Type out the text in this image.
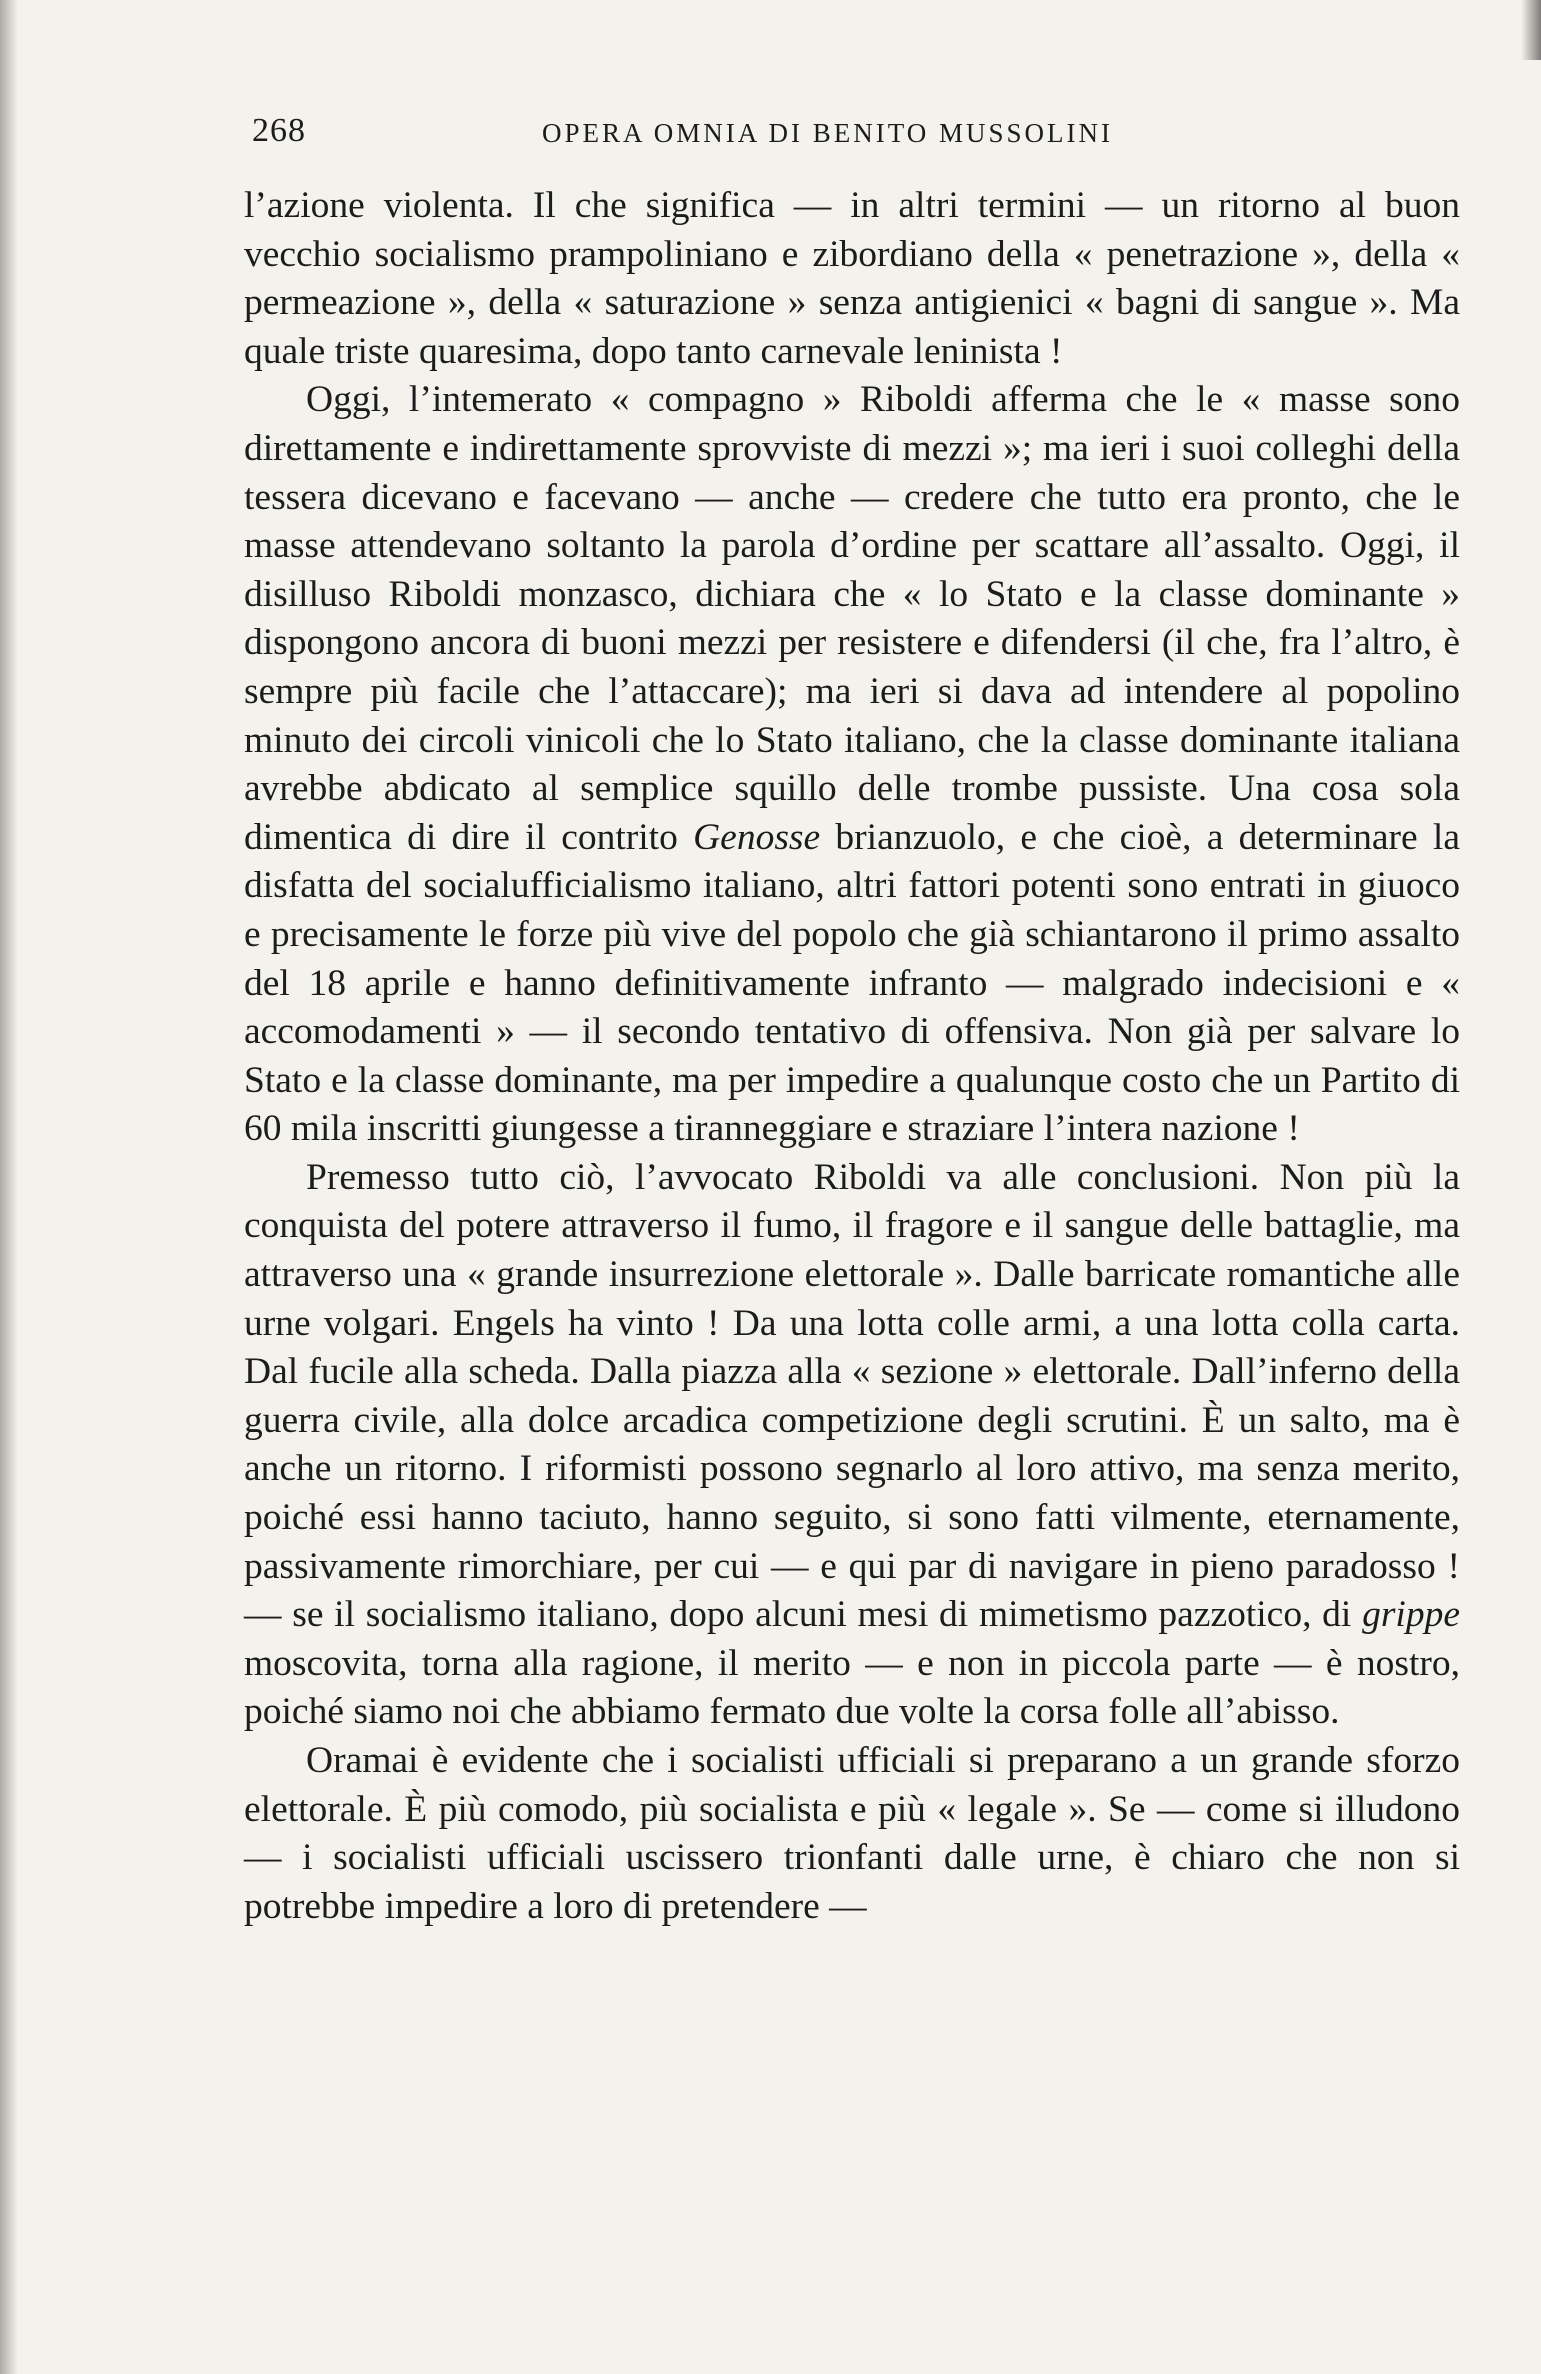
268	OPERA OMNIA DI BENITO MUSSOLINI

l’azione violenta. Il che significa — in altri termini — un ritorno al buon vecchio socialismo prampoliniano e zibordiano della « penetrazione », della « permeazione », della « saturazione » senza antigienici « bagni di sangue ». Ma quale triste quaresima, dopo tanto carnevale leninista !

Oggi, l’intemerato « compagno » Riboldi afferma che le « masse sono direttamente e indirettamente sprovviste di mezzi »; ma ieri i suoi colleghi della tessera dicevano e facevano — anche — credere che tutto era pronto, che le masse attendevano soltanto la parola d’ordine per scattare all’assalto. Oggi, il disilluso Riboldi monzasco, dichiara che « lo Stato e la classe dominante » dispongono ancora di buoni mezzi per resistere e difendersi (il che, fra l’altro, è sempre più facile che l’attaccare); ma ieri si dava ad intendere al popolino minuto dei circoli vinicoli che lo Stato italiano, che la classe dominante italiana avrebbe abdicato al semplice squillo delle trombe pussiste. Una cosa sola dimentica di dire il contrito Genosse brianzuolo, e che cioè, a determinare la disfatta del socialufficialismo italiano, altri fattori potenti sono entrati in giuoco e precisamente le forze più vive del popolo che già schiantarono il primo assalto del 18 aprile e hanno definitivamente infranto — malgrado indecisioni e « accomodamenti » — il secondo tentativo di offensiva. Non già per salvare lo Stato e la classe dominante, ma per impedire a qualunque costo che un Partito di 60 mila inscritti giungesse a tiranneggiare e straziare l’intera nazione !

Premesso tutto ciò, l’avvocato Riboldi va alle conclusioni. Non più la conquista del potere attraverso il fumo, il fragore e il sangue delle battaglie, ma attraverso una « grande insurrezione elettorale ». Dalle barricate romantiche alle urne volgari. Engels ha vinto ! Da una lotta colle armi, a una lotta colla carta. Dal fucile alla scheda. Dalla piazza alla « sezione » elettorale. Dall’inferno della guerra civile, alla dolce arcadica competizione degli scrutini. È un salto, ma è anche un ritorno. I riformisti possono segnarlo al loro attivo, ma senza merito, poiché essi hanno taciuto, hanno seguito, si sono fatti vilmente, eternamente, passivamente rimorchiare, per cui — e qui par di navigare in pieno paradosso ! — se il socialismo italiano, dopo alcuni mesi di mimetismo pazzotico, di grippe moscovita, torna alla ragione, il merito — e non in piccola parte — è nostro, poiché siamo noi che abbiamo fermato due volte la corsa folle all’abisso.

Oramai è evidente che i socialisti ufficiali si preparano a un grande sforzo elettorale. È più comodo, più socialista e più « legale ». Se — come si illudono — i socialisti ufficiali uscissero trionfanti dalle urne, è chiaro che non si potrebbe impedire a loro di pretendere —
